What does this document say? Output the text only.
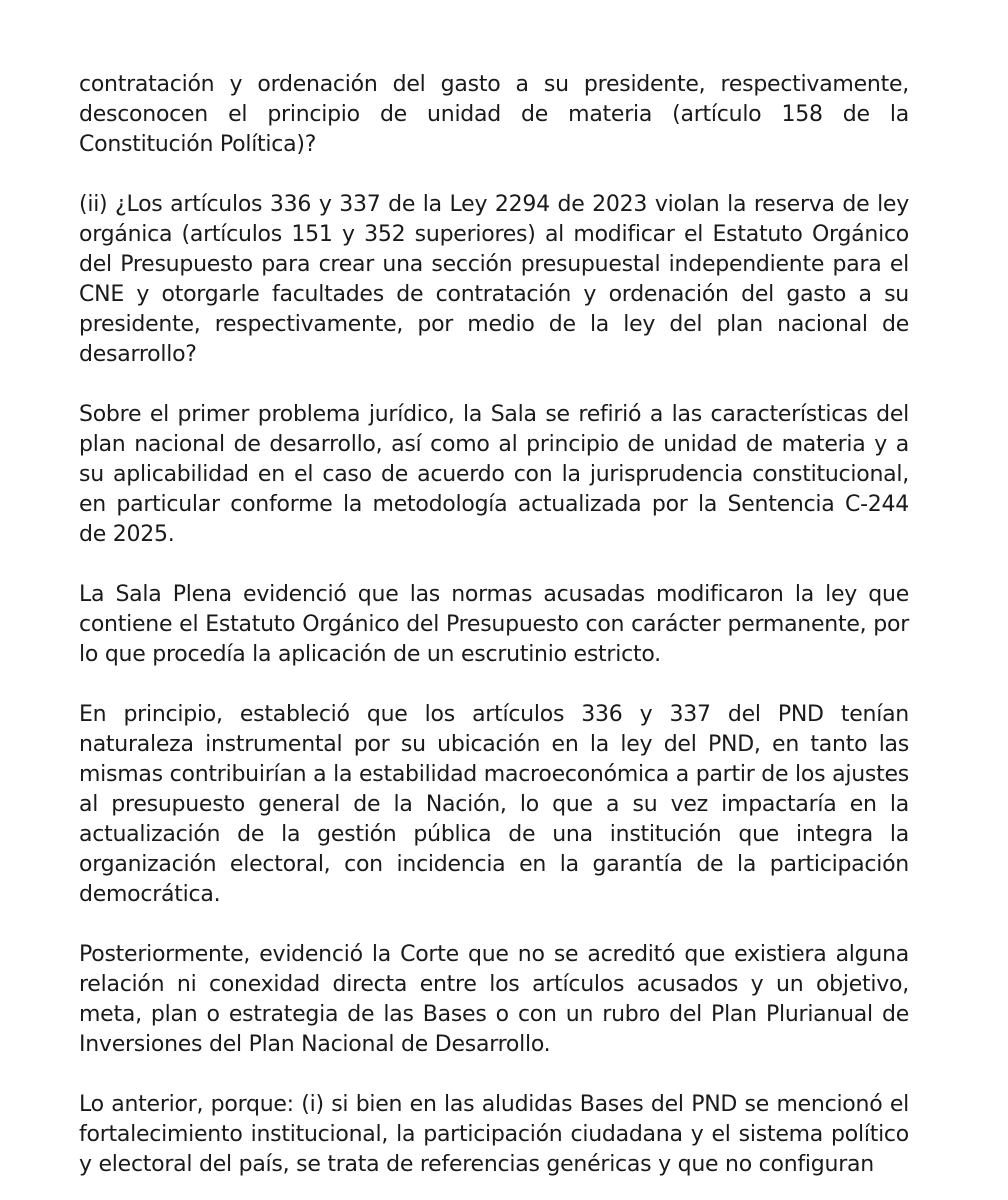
contratación y ordenación del gasto a su presidente, respectivamente, desconocen el principio de unidad de materia (artículo 158 de la Constitución Política)?

(ii) ¿Los artículos 336 y 337 de la Ley 2294 de 2023 violan la reserva de ley orgánica (artículos 151 y 352 superiores) al modificar el Estatuto Orgánico del Presupuesto para crear una sección presupuestal independiente para el CNE y otorgarle facultades de contratación y ordenación del gasto a su presidente, respectivamente, por medio de la ley del plan nacional de desarrollo?

Sobre el primer problema jurídico, la Sala se refirió a las características del plan nacional de desarrollo, así como al principio de unidad de materia y a su aplicabilidad en el caso de acuerdo con la jurisprudencia constitucional, en particular conforme la metodología actualizada por la Sentencia C-244 de 2025.

La Sala Plena evidenció que las normas acusadas modificaron la ley que contiene el Estatuto Orgánico del Presupuesto con carácter permanente, por lo que procedía la aplicación de un escrutinio estricto.

En principio, estableció que los artículos 336 y 337 del PND tenían naturaleza instrumental por su ubicación en la ley del PND, en tanto las mismas contribuirían a la estabilidad macroeconómica a partir de los ajustes al presupuesto general de la Nación, lo que a su vez impactaría en la actualización de la gestión pública de una institución que integra la organización electoral, con incidencia en la garantía de la participación democrática.

Posteriormente, evidenció la Corte que no se acreditó que existiera alguna relación ni conexidad directa entre los artículos acusados y un objetivo, meta, plan o estrategia de las Bases o con un rubro del Plan Plurianual de Inversiones del Plan Nacional de Desarrollo.

Lo anterior, porque: (i) si bien en las aludidas Bases del PND se mencionó el fortalecimiento institucional, la participación ciudadana y el sistema político y electoral del país, se trata de referencias genéricas y que no configuran
